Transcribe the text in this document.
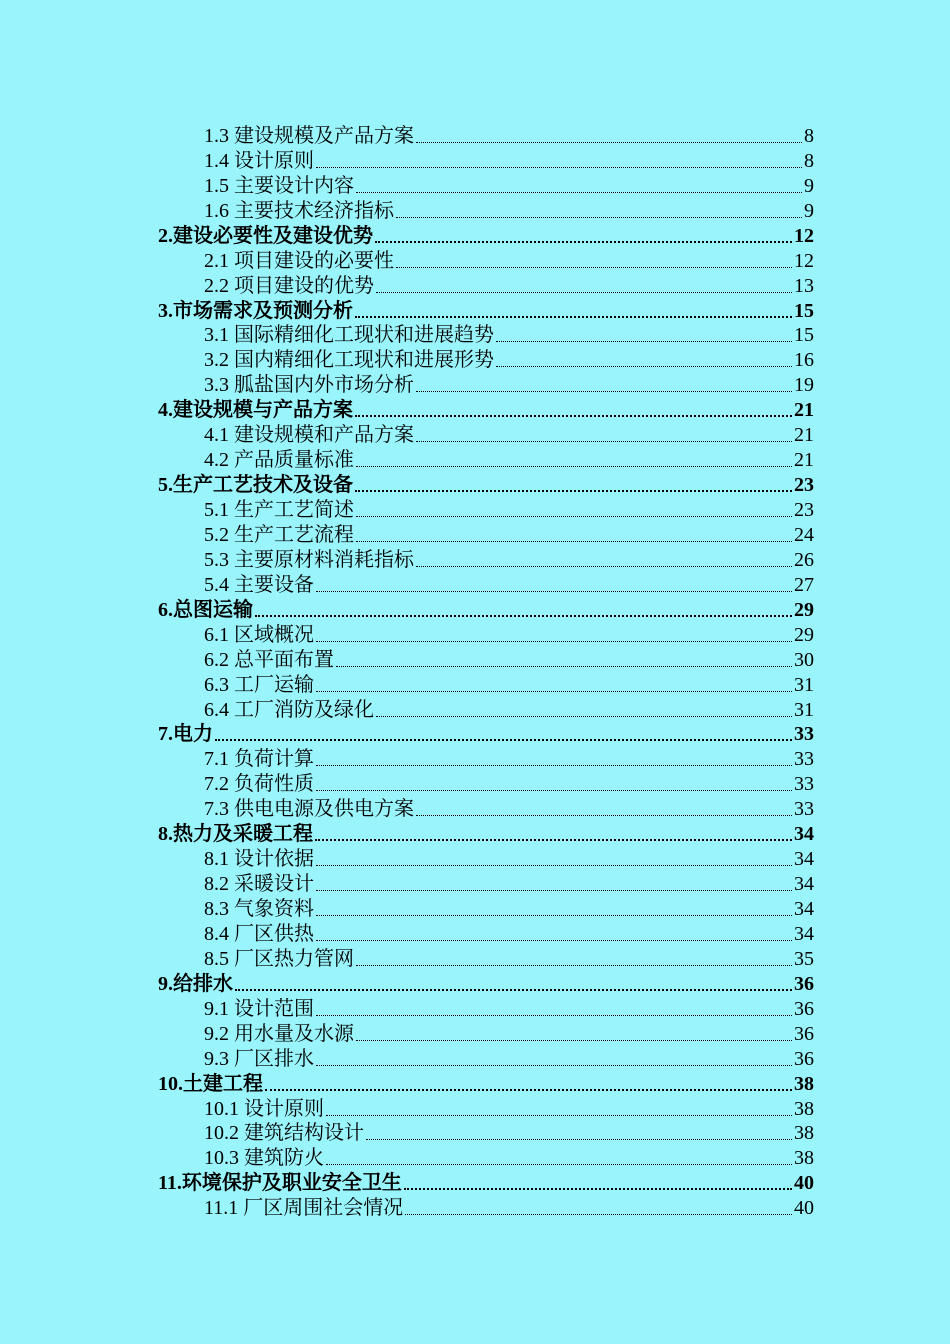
1.3 建设规模及产品方案	8
1.4 设计原则	8
1.5 主要设计内容	9
1.6 主要技术经济指标	9
2.建设必要性及建设优势	12
2.1 项目建设的必要性	12
2.2 项目建设的优势	13
3.市场需求及预测分析	15
3.1 国际精细化工现状和进展趋势	15
3.2 国内精细化工现状和进展形势	16
3.3 胍盐国内外市场分析	19
4.建设规模与产品方案	21
4.1 建设规模和产品方案	21
4.2 产品质量标准	21
5.生产工艺技术及设备	23
5.1 生产工艺简述	23
5.2 生产工艺流程	24
5.3 主要原材料消耗指标	26
5.4 主要设备	27
6.总图运输	29
6.1 区域概况	29
6.2 总平面布置	30
6.3 工厂运输	31
6.4 工厂消防及绿化	31
7.电力	33
7.1 负荷计算	33
7.2 负荷性质	33
7.3 供电电源及供电方案	33
8.热力及采暖工程	34
8.1 设计依据	34
8.2 采暖设计	34
8.3 气象资料	34
8.4 厂区供热	34
8.5 厂区热力管网	35
9.给排水	36
9.1 设计范围	36
9.2 用水量及水源	36
9.3 厂区排水	36
10.土建工程	38
10.1 设计原则	38
10.2 建筑结构设计	38
10.3 建筑防火	38
11.环境保护及职业安全卫生	40
11.1 厂区周围社会情况	40
